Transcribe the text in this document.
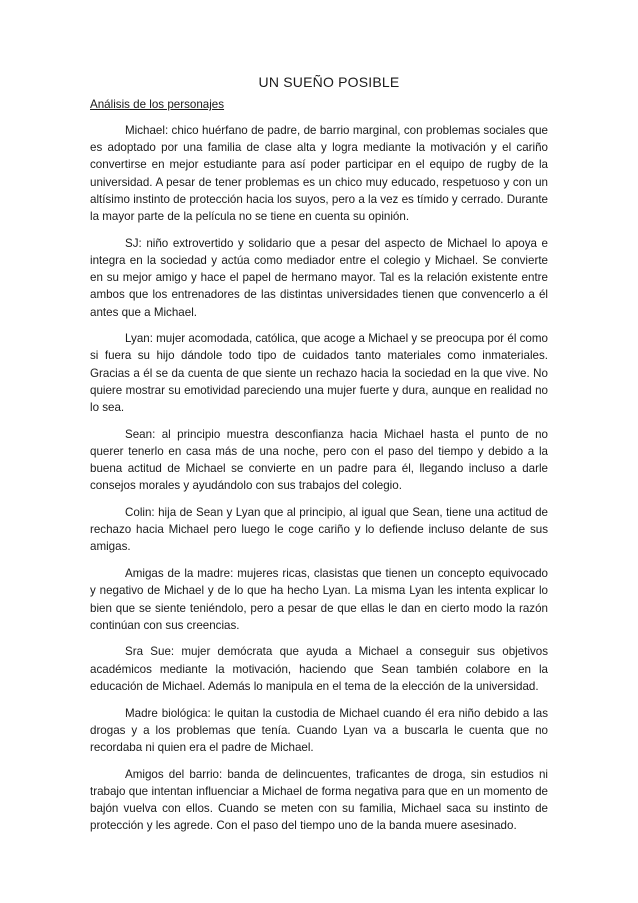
UN SUEÑO POSIBLE
Análisis de los personajes

Michael: chico huérfano de padre, de barrio marginal, con problemas sociales que es adoptado por una familia de clase alta y logra mediante la motivación y el cariño convertirse en mejor estudiante para así poder participar en el equipo de rugby de la universidad. A pesar de tener problemas es un chico muy educado, respetuoso y con un altísimo instinto de protección hacia los suyos, pero a la vez es tímido y cerrado. Durante la mayor parte de la película no se tiene en cuenta su opinión.

SJ: niño extrovertido y solidario que a pesar del aspecto de Michael lo apoya e integra en la sociedad y actúa como mediador entre el colegio y Michael. Se convierte en su mejor amigo y hace el papel de hermano mayor. Tal es la relación existente entre ambos que los entrenadores de las distintas universidades tienen que convencerlo a él antes que a Michael.

Lyan: mujer acomodada, católica, que acoge a Michael y se preocupa por él como si fuera su hijo dándole todo tipo de cuidados tanto materiales como inmateriales. Gracias a él se da cuenta de que siente un rechazo hacia la sociedad en la que vive. No quiere mostrar su emotividad pareciendo una mujer fuerte y dura, aunque en realidad no lo sea.

Sean: al principio muestra desconfianza hacia Michael hasta el punto de no querer tenerlo en casa más de una noche, pero con el paso del tiempo y debido a la buena actitud de Michael se convierte en un padre para él, llegando incluso a darle consejos morales y ayudándolo con sus trabajos del colegio.

Colin: hija de Sean y Lyan que al principio, al igual que Sean, tiene una actitud de rechazo hacia Michael pero luego le coge cariño y lo defiende incluso delante de sus amigas.

Amigas de la madre: mujeres ricas, clasistas que tienen un concepto equivocado y negativo de Michael y de lo que ha hecho Lyan. La misma Lyan les intenta explicar lo bien que se siente teniéndolo, pero a pesar de que ellas le dan en cierto modo la razón continúan con sus creencias.

Sra Sue: mujer demócrata que ayuda a Michael a conseguir sus objetivos académicos mediante la motivación, haciendo que Sean también colabore en la educación de Michael. Además lo manipula en el tema de la elección de la universidad.

Madre biológica: le quitan la custodia de Michael cuando él era niño debido a las drogas y a los problemas que tenía. Cuando Lyan va a buscarla le cuenta que no recordaba ni quien era el padre de Michael.

Amigos del barrio: banda de delincuentes, traficantes de droga, sin estudios ni trabajo que intentan influenciar a Michael de forma negativa para que en un momento de bajón vuelva con ellos. Cuando se meten con su familia, Michael saca su instinto de protección y les agrede. Con el paso del tiempo uno de la banda muere asesinado.
